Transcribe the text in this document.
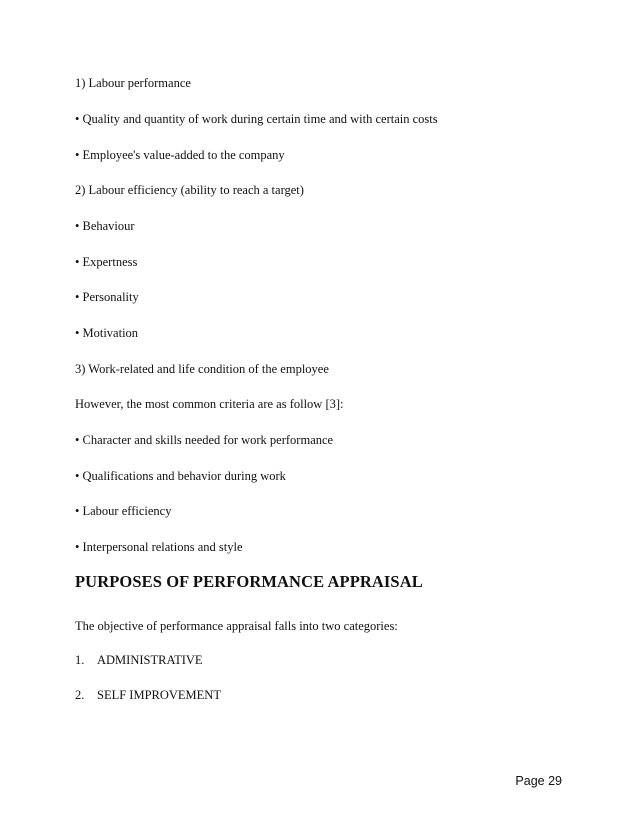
1) Labour performance
• Quality and quantity of work during certain time and with certain costs
• Employee's value-added to the company
2) Labour efficiency (ability to reach a target)
• Behaviour
• Expertness
• Personality
• Motivation
3) Work-related and life condition of the employee
However, the most common criteria are as follow [3]:
• Character and skills needed for work performance
• Qualifications and behavior during work
• Labour efficiency
• Interpersonal relations and style
PURPOSES OF PERFORMANCE APPRAISAL
The objective of performance appraisal falls into two categories:
1. ADMINISTRATIVE
2. SELF IMPROVEMENT
Page 29
